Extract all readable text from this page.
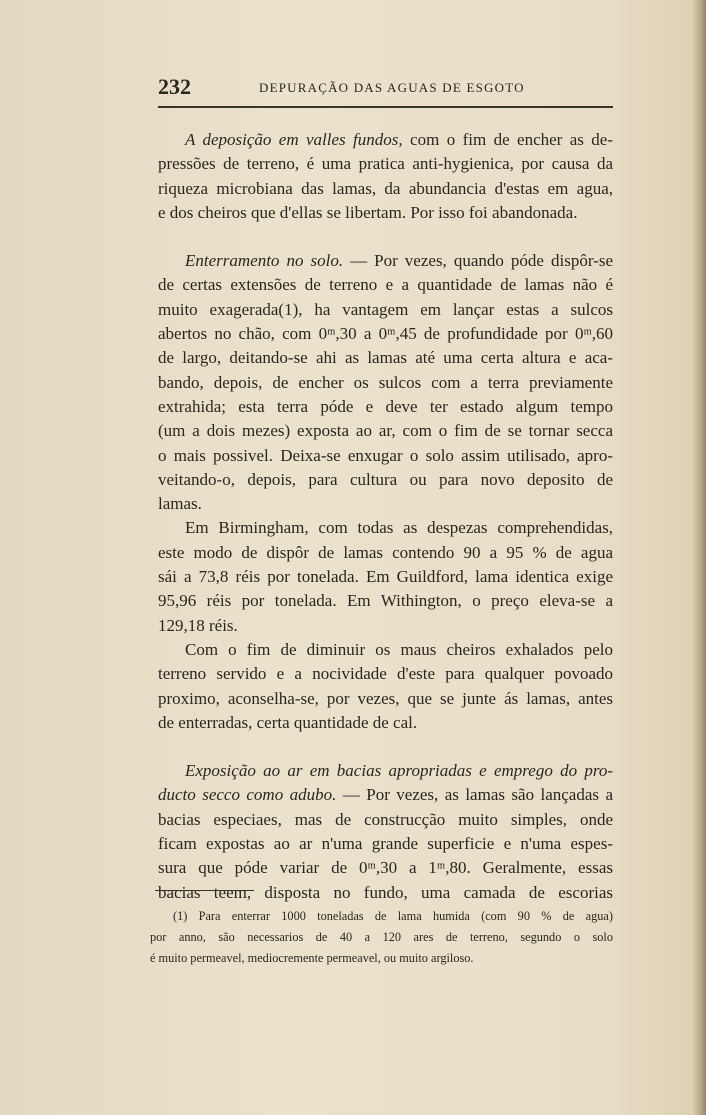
232	DEPURAÇÃO DAS AGUAS DE ESGOTO
A deposição em valles fundos, com o fim de encher as de-
pressões de terreno, é uma pratica anti-hygienica, por causa da
riqueza microbiana das lamas, da abundancia d'estas em agua,
e dos cheiros que d'ellas se libertam. Por isso foi abandonada.
Enterramento no solo. — Por vezes, quando póde dispôr-se
de certas extensões de terreno e a quantidade de lamas não é
muito exagerada(1), ha vantagem em lançar estas a sulcos
abertos no chão, com 0ᵐ,30 a 0ᵐ,45 de profundidade por 0ᵐ,60
de largo, deitando-se ahi as lamas até uma certa altura e aca-
bando, depois, de encher os sulcos com a terra previamente
extrahida; esta terra póde e deve ter estado algum tempo
(um a dois mezes) exposta ao ar, com o fim de se tornar secca
o mais possivel. Deixa-se enxugar o solo assim utilisado, apro-
veitando-o, depois, para cultura ou para novo deposito de
lamas.
Em Birmingham, com todas as despezas comprehendidas,
este modo de dispôr de lamas contendo 90 a 95 % de agua
sái a 73,8 réis por tonelada. Em Guildford, lama identica exige
95,96 réis por tonelada. Em Withington, o preço eleva-se a
129,18 réis.
Com o fim de diminuir os maus cheiros exhalados pelo
terreno servido e a nocividade d'este para qualquer povoado
proximo, aconselha-se, por vezes, que se junte ás lamas, antes
de enterradas, certa quantidade de cal.
Exposição ao ar em bacias apropriadas e emprego do pro-
ducto secco como adubo. — Por vezes, as lamas são lançadas a
bacias especiaes, mas de construcção muito simples, onde
ficam expostas ao ar n'uma grande superficie e n'uma espes-
sura que póde variar de 0ᵐ,30 a 1ᵐ,80. Geralmente, essas
bacias teem, disposta no fundo, uma camada de escorias
(1) Para enterrar 1000 toneladas de lama humida (com 90 % de agua)
por anno, são necessarios de 40 a 120 ares de terreno, segundo o solo
é muito permeavel, mediocremente permeavel, ou muito argiloso.
